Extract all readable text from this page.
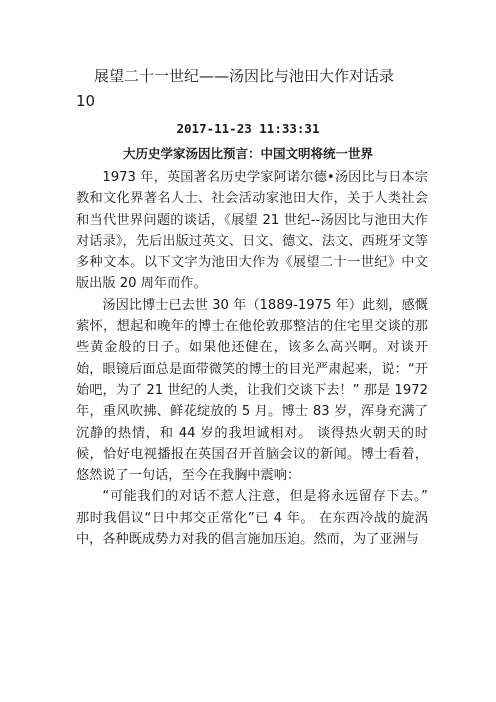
展望二十一世纪——汤因比与池田大作对话录
10
2017-11-23 11:33:31
大历史学家汤因比预言：中国文明将统一世界

1973 年，英国著名历史学家阿诺尔德•汤因比与日本宗教和文化界著名人士、社会活动家池田大作，关于人类社会和当代世界问题的谈话，《展望 21 世纪--汤因比与池田大作对话录》，先后出版过英文、日文、德文、法文、西班牙文等多种文本。以下文字为池田大作为《展望二十一世纪》中文版出版 20 周年而作。

汤因比博士已去世 30 年（1889-1975 年）此刻，感慨萦怀，想起和晚年的博士在他伦敦那整洁的住宅里交谈的那些黄金般的日子。如果他还健在，该多么高兴啊。对谈开始，眼镜后面总是面带微笑的博士的目光严肃起来，说：“开始吧，为了 21 世纪的人类，让我们交谈下去！” 那是 1972 年，重风吹拂、鲜花绽放的 5 月。博士 83 岁，浑身充满了沉静的热情，和 44 岁的我坦诚相对。 谈得热火朝天的时候，恰好电视播报在英国召开首脑会议的新闻。博士看着，悠然说了一句话，至今在我胸中震响：

“可能我们的对话不惹人注意，但是将永远留存下去。” 那时我倡议“日中邦交正常化”已 4 年。 在东西冷战的旋涡中，各种既成势力对我的倡言施加压迫。然而，为了亚洲与
